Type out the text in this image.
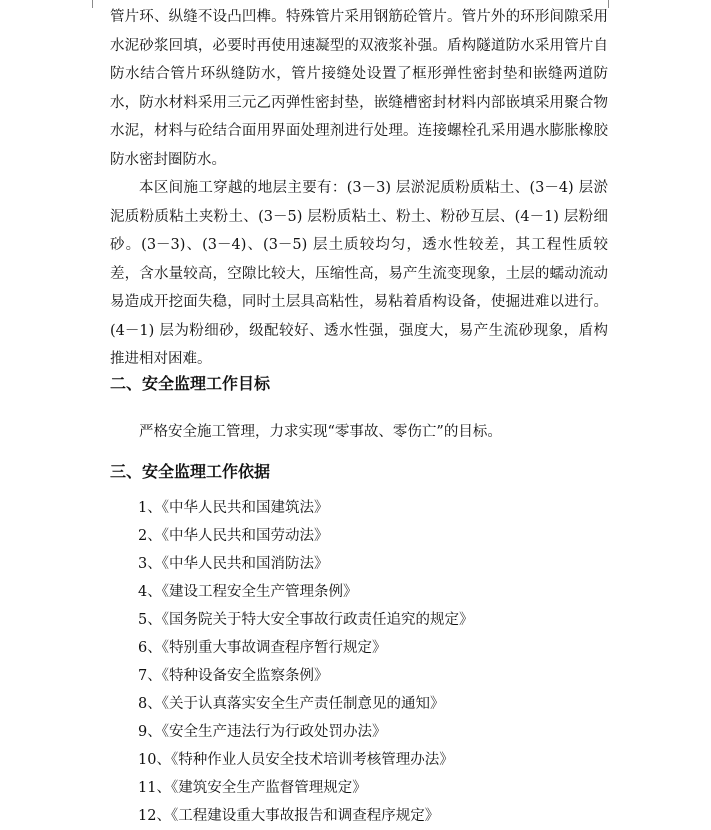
管片环、纵缝不设凸凹榫。特殊管片采用钢筋砼管片。管片外的环形间隙采用水泥砂浆回填，必要时再使用速凝型的双液浆补强。盾构隧道防水采用管片自防水结合管片环纵缝防水，管片接缝处设置了框形弹性密封垫和嵌缝两道防水，防水材料采用三元乙丙弹性密封垫，嵌缝槽密封材料内部嵌填采用聚合物水泥，材料与砼结合面用界面处理剂进行处理。连接螺栓孔采用遇水膨胀橡胶防水密封圈防水。

本区间施工穿越的地层主要有：(3－3) 层淤泥质粉质粘土、(3－4) 层淤泥质粉质粘土夹粉土、(3－5) 层粉质粘土、粉土、粉砂互层、(4－1) 层粉细砂。(3－3)、(3－4)、(3－5) 层土质较均匀，透水性较差，其工程性质较差，含水量较高，空隙比较大，压缩性高，易产生流变现象，土层的蠕动流动易造成开挖面失稳，同时土层具高粘性，易粘着盾构设备，使掘进难以进行。(4－1) 层为粉细砂，级配较好、透水性强，强度大，易产生流砂现象，盾构推进相对困难。

二、安全监理工作目标

严格安全施工管理，力求实现“零事故、零伤亡”的目标。

三、安全监理工作依据
1、《中华人民共和国建筑法》
2、《中华人民共和国劳动法》
3、《中华人民共和国消防法》
4、《建设工程安全生产管理条例》
5、《国务院关于特大安全事故行政责任追究的规定》
6、《特别重大事故调查程序暂行规定》
7、《特种设备安全监察条例》
8、《关于认真落实安全生产责任制意见的通知》
9、《安全生产违法行为行政处罚办法》
10、《特种作业人员安全技术培训考核管理办法》
11、《建筑安全生产监督管理规定》
12、《工程建设重大事故报告和调查程序规定》
